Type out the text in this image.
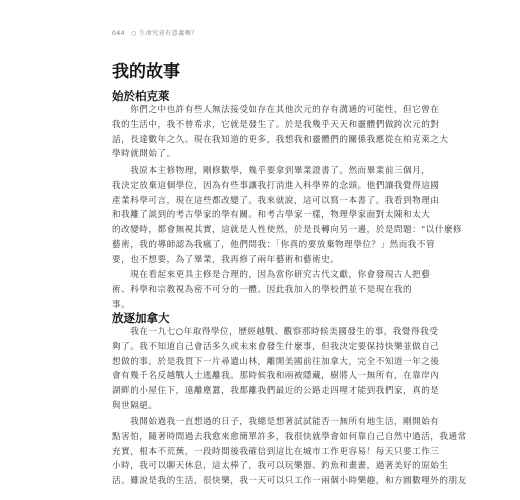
044 ○ 生命究竟有意義嗎？
我的故事
始於柏克萊
　　你們之中也許有些人無法接受如存在其他次元的存有溝通的可能性，但它曾在
我的生活中，我不曾希求，它就是發生了。於是我幾乎天天和靈體們做跨次元的對
話，長達數年之久。現在我知道的更多，我想我和靈體們的關係我應從在柏克萊之大
學時就開始了。
　　我原本主修物理，剛修數學，幾乎要拿到畢業證書了。然而畢業前三個月，
我決定放棄這個學位，因為有些事讓我打消進入科學界的念頭。他們讓我覺得這國
產業科學可言，現在這些都改變了。我來就說，這可以寫一本書了。我看到物理由
和我離了談到的考古學家的學有關。和考古學家一樣，物理學家面對太陳和太大
的改變時，都會無視其實，這就是人性使然，於是長轉向另一邊，於是問題："以什麼修
藝術，我的導師認為我瘋了，他們問我：「你真的要放棄物理學位？」然而我不管
要，也不想要，為了畢業，我再修了兩年藝術和藝術史。
　　現在看起來更具主修是合理的，因為當你研究古代文獻，你會發現古人把藝
術、科學和宗教視為密不可分的一體。因此我加入的學校們並不是現在我的
事。
放逐加拿大
　　我在一九七○年取得學位，歷經越戰、觀察那時候美國發生的事，我覺得我受
夠了。我不知道自己會活多久或未來會發生什麼事，但我決定要保持快樂並做自己
想做的事。於是我買下一片尋遺山林，離開美國前往加拿大，完全不知道一年之後
會有幾千名反越戰人士逃離我。那時候我和兩被隱藏，樹將人一無所有，在靠岸內
湖畔的小屋住下，遠離塵囂，我都離我們最近的公路走四哩才能到我們家，真的是
與世隔絕。
　　我開始過我一直想過的日子，我總是想著試試能否一無所有地生活，剛開始有
點害怕，隨著時間過去我愈來愈簡單許多，我很快就學會如何靠自己自然中過活，我通常
充實，根本不荒蕪，一段時間後我確信到這比在城市工作更容易！每天只要工作三
小時，我可以聊天休息，這太棒了，我可以玩樂器、釣魚和畫畫，過著美好的原始生
活。雖說是我的生活，很快樂，我一天可以只工作一兩個小時樂趣，和方圓數哩外的朋友
